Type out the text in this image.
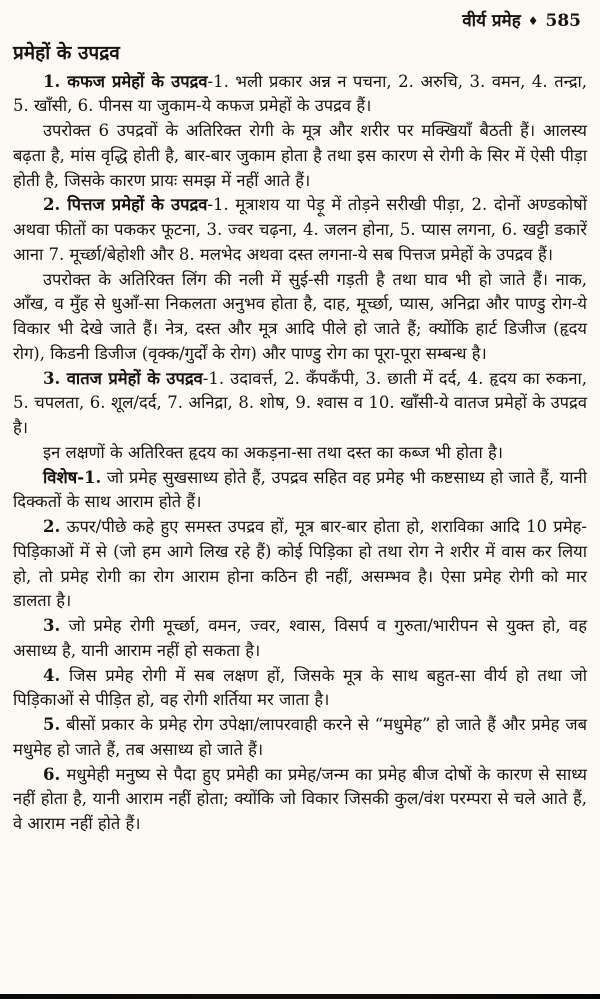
वीर्य प्रमेह ♦ 585
प्रमेहों के उपद्रव

1. कफज प्रमेहों के उपद्रव-1. भली प्रकार अन्न न पचना, 2. अरुचि, 3. वमन, 4. तन्द्रा, 5. खाँसी, 6. पीनस या जुकाम-ये कफज प्रमेहों के उपद्रव हैं।

उपरोक्त 6 उपद्रवों के अतिरिक्त रोगी के मूत्र और शरीर पर मक्खियाँ बैठती हैं। आलस्य बढ़ता है, मांस वृद्धि होती है, बार-बार जुकाम होता है तथा इस कारण से रोगी के सिर में ऐसी पीड़ा होती है, जिसके कारण प्रायः समझ में नहीं आते हैं।

2. पित्तज प्रमेहों के उपद्रव-1. मूत्राशय या पेड़ू में तोड़ने सरीखी पीड़ा, 2. दोनों अण्डकोषों अथवा फीतों का पककर फूटना, 3. ज्वर चढ़ना, 4. जलन होना, 5. प्यास लगना, 6. खट्टी डकारें आना 7. मूर्च्छा/बेहोशी और 8. मलभेद अथवा दस्त लगना-ये सब पित्तज प्रमेहों के उपद्रव हैं।

उपरोक्त के अतिरिक्त लिंग की नली में सुई-सी गड़ती है तथा घाव भी हो जाते हैं। नाक, आँख, व मुँह से धुआँ-सा निकलता अनुभव होता है, दाह, मूर्च्छा, प्यास, अनिद्रा और पाण्डु रोग-ये विकार भी देखे जाते हैं। नेत्र, दस्त और मूत्र आदि पीले हो जाते हैं; क्योंकि हार्ट डिजीज (हृदय रोग), किडनी डिजीज (वृक्क/गुर्दों के रोग) और पाण्डु रोग का पूरा-पूरा सम्बन्ध है।

3. वातज प्रमेहों के उपद्रव-1. उदावर्त्त, 2. कँपकँपी, 3. छाती में दर्द, 4. हृदय का रुकना, 5. चपलता, 6. शूल/दर्द, 7. अनिद्रा, 8. शोष, 9. श्वास व 10. खाँसी-ये वातज प्रमेहों के उपद्रव है।

इन लक्षणों के अतिरिक्त हृदय का अकड़ना-सा तथा दस्त का कब्ज भी होता है।

विशेष-1. जो प्रमेह सुखसाध्य होते हैं, उपद्रव सहित वह प्रमेह भी कष्टसाध्य हो जाते हैं, यानी दिक्कतों के साथ आराम होते हैं।

2. ऊपर/पीछे कहे हुए समस्त उपद्रव हों, मूत्र बार-बार होता हो, शराविका आदि 10 प्रमेह-पिड़िकाओं में से (जो हम आगे लिख रहे हैं) कोई पिड़िका हो तथा रोग ने शरीर में वास कर लिया हो, तो प्रमेह रोगी का रोग आराम होना कठिन ही नहीं, असम्भव है। ऐसा प्रमेह रोगी को मार डालता है।

3. जो प्रमेह रोगी मूर्च्छा, वमन, ज्वर, श्वास, विसर्प व गुरुता/भारीपन से युक्त हो, वह असाध्य है, यानी आराम नहीं हो सकता है।

4. जिस प्रमेह रोगी में सब लक्षण हों, जिसके मूत्र के साथ बहुत-सा वीर्य हो तथा जो पिड़िकाओं से पीड़ित हो, वह रोगी शर्तिया मर जाता है।

5. बीसों प्रकार के प्रमेह रोग उपेक्षा/लापरवाही करने से “मधुमेह” हो जाते हैं और प्रमेह जब मधुमेह हो जाते हैं, तब असाध्य हो जाते हैं।

6. मधुमेही मनुष्य से पैदा हुए प्रमेही का प्रमेह/जन्म का प्रमेह बीज दोषों के कारण से साध्य नहीं होता है, यानी आराम नहीं होता; क्योंकि जो विकार जिसकी कुल/वंश परम्परा से चले आते हैं, वे आराम नहीं होते हैं।
